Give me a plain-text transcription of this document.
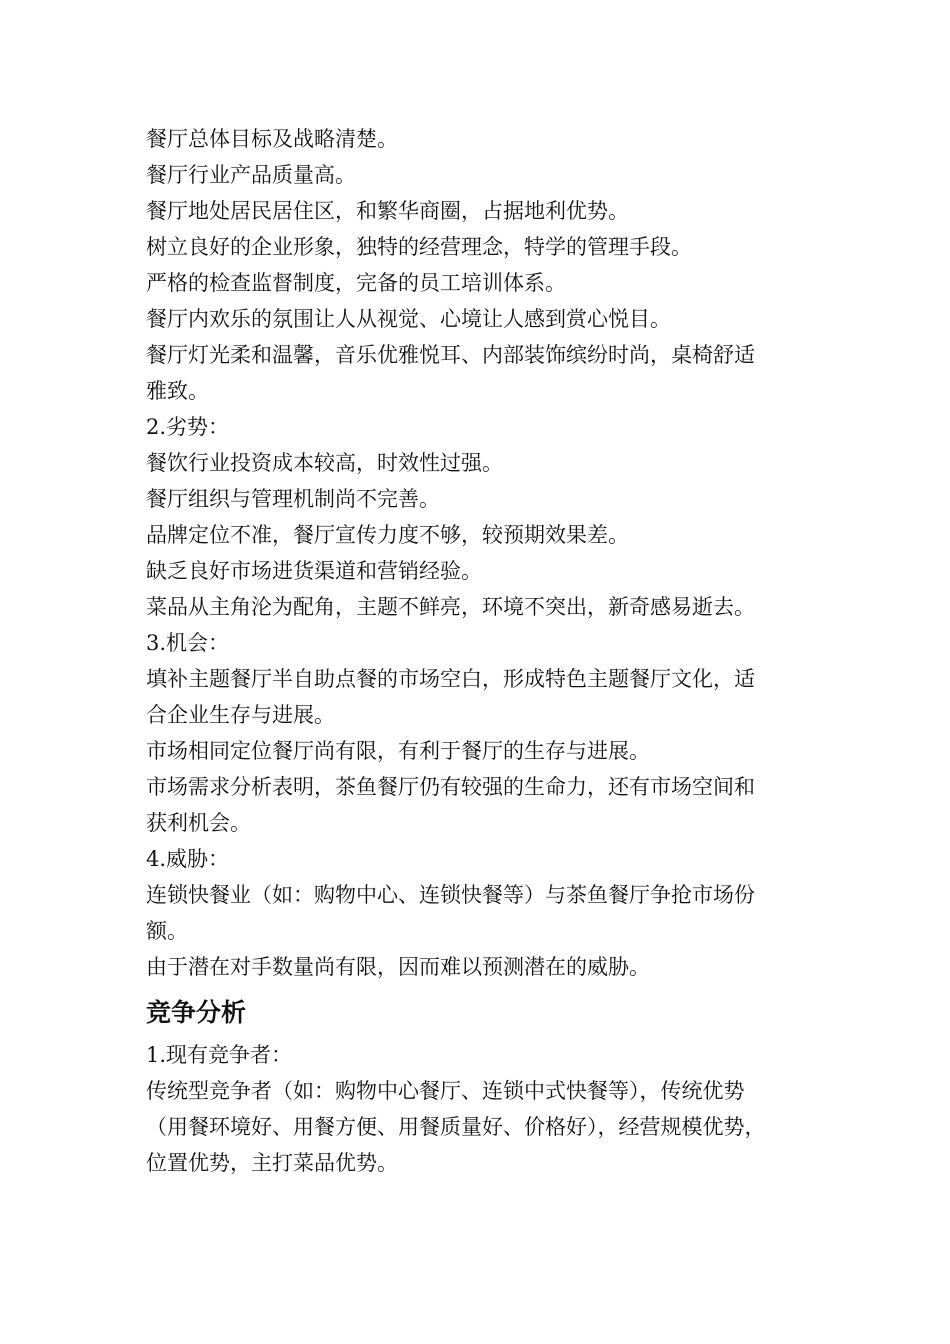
餐厅总体目标及战略清楚。

餐厅行业产品质量高。

餐厅地处居民居住区，和繁华商圈，占据地利优势。

树立良好的企业形象，独特的经营理念，特学的管理手段。

严格的检查监督制度，完备的员工培训体系。

餐厅内欢乐的氛围让人从视觉、心境让人感到赏心悦目。

餐厅灯光柔和温馨，音乐优雅悦耳、内部装饰缤纷时尚，桌椅舒适

雅致。

2.劣势：

餐饮行业投资成本较高，时效性过强。

餐厅组织与管理机制尚不完善。

品牌定位不准，餐厅宣传力度不够，较预期效果差。

缺乏良好市场进货渠道和营销经验。

菜品从主角沦为配角，主题不鲜亮，环境不突出，新奇感易逝去。

3.机会：

填补主题餐厅半自助点餐的市场空白，形成特色主题餐厅文化，适

合企业生存与进展。

市场相同定位餐厅尚有限，有利于餐厅的生存与进展。

市场需求分析表明，茶鱼餐厅仍有较强的生命力，还有市场空间和

获利机会。

4.威胁：

连锁快餐业（如：购物中心、连锁快餐等）与茶鱼餐厅争抢市场份

额。

由于潜在对手数量尚有限，因而难以预测潜在的威胁。

竞争分析

1.现有竞争者：

传统型竞争者（如：购物中心餐厅、连锁中式快餐等），传统优势

（用餐环境好、用餐方便、用餐质量好、价格好），经营规模优势，

位置优势，主打菜品优势。
